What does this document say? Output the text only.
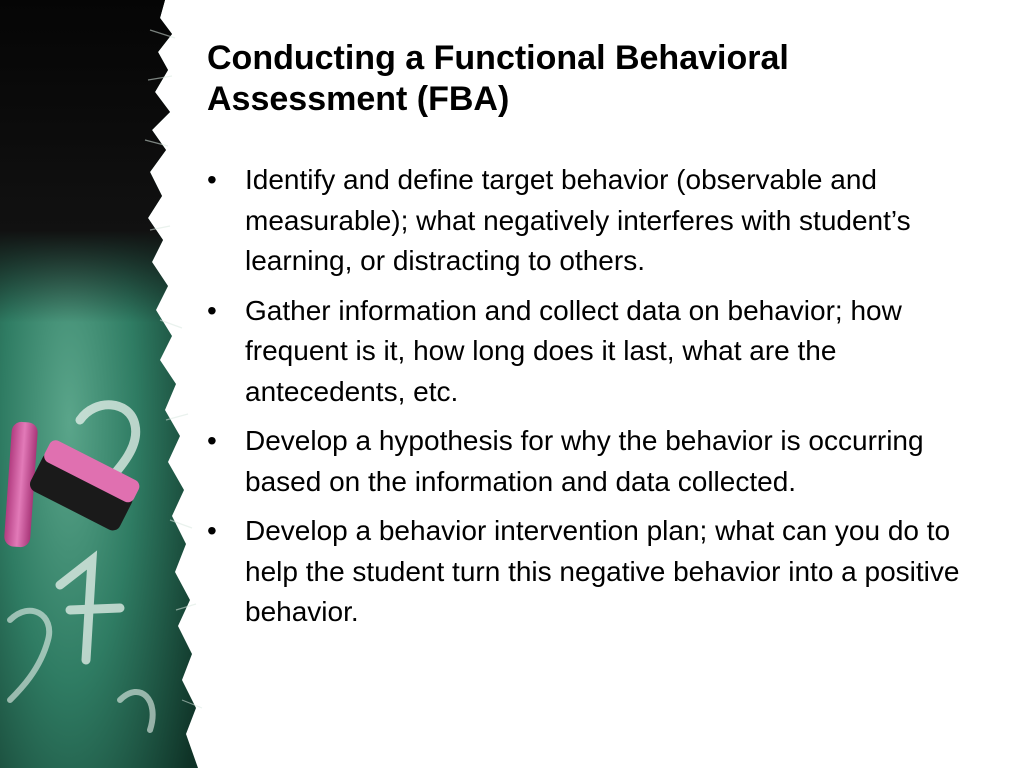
Conducting a Functional Behavioral
Assessment (FBA)
•	Identify and define target behavior (observable and measurable); what negatively interferes with student’s learning, or distracting to others.
•	Gather information and collect data on behavior; how frequent is it, how long does it last, what are the antecedents, etc.
•	Develop a hypothesis for why the behavior is occurring based on the information and data collected.
•	Develop a behavior intervention plan; what can you do to help the student turn this negative behavior into a positive behavior.
